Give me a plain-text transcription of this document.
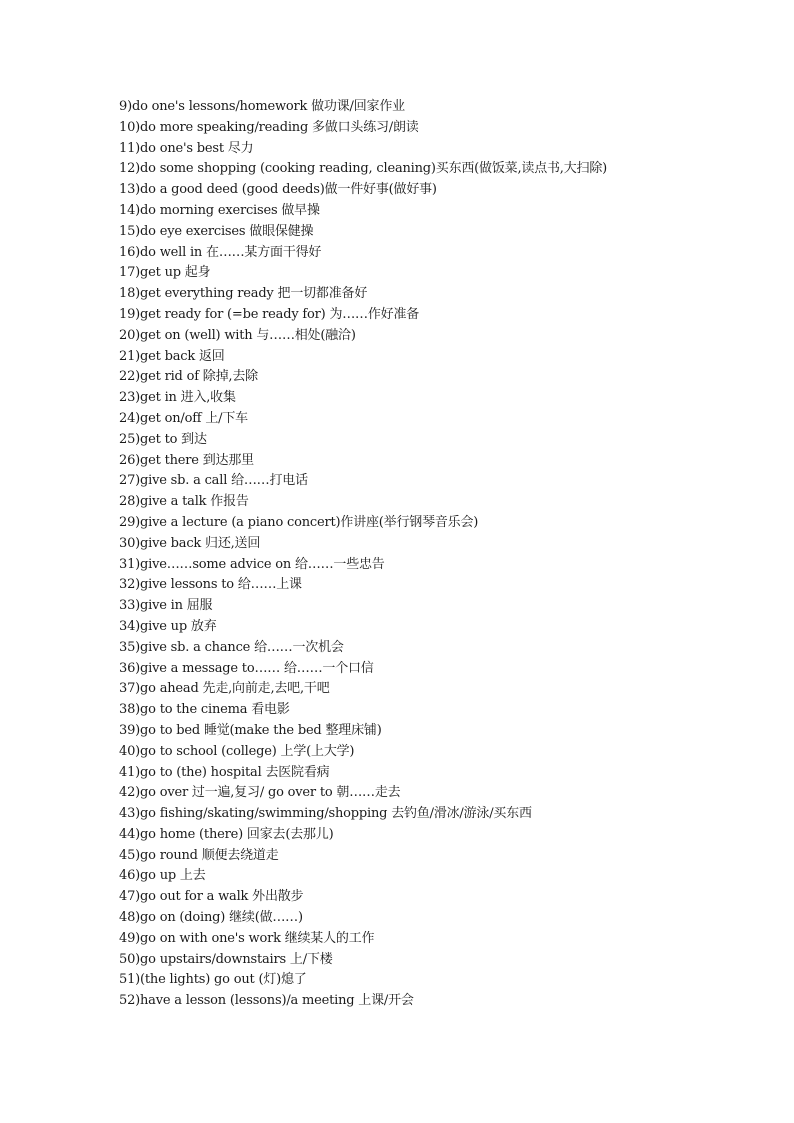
9)do one's lessons/homework 做功课/回家作业
10)do more speaking/reading 多做口头练习/朗读
11)do one's best 尽力
12)do some shopping (cooking reading, cleaning)买东西(做饭菜,读点书,大扫除)
13)do a good deed (good deeds)做一件好事(做好事)
14)do morning exercises 做早操
15)do eye exercises 做眼保健操
16)do well in 在……某方面干得好
17)get up 起身
18)get everything ready 把一切都准备好
19)get ready for (=be ready for) 为……作好准备
20)get on (well) with 与……相处(融洽)
21)get back 返回
22)get rid of 除掉,去除
23)get in 进入,收集
24)get on/off 上/下车
25)get to 到达
26)get there 到达那里
27)give sb. a call 给……打电话
28)give a talk 作报告
29)give a lecture (a piano concert)作讲座(举行钢琴音乐会)
30)give back 归还,送回
31)give……some advice on 给……一些忠告
32)give lessons to 给……上课
33)give in 屈服
34)give up 放弃
35)give sb. a chance 给……一次机会
36)give a message to…… 给……一个口信
37)go ahead 先走,向前走,去吧,干吧
38)go to the cinema 看电影
39)go to bed 睡觉(make the bed 整理床铺)
40)go to school (college) 上学(上大学)
41)go to (the) hospital 去医院看病
42)go over 过一遍,复习/ go over to 朝……走去
43)go fishing/skating/swimming/shopping 去钓鱼/滑冰/游泳/买东西
44)go home (there) 回家去(去那儿)
45)go round 顺便去绕道走
46)go up 上去
47)go out for a walk 外出散步
48)go on (doing) 继续(做……)
49)go on with one's work 继续某人的工作
50)go upstairs/downstairs 上/下楼
51)(the lights) go out (灯)熄了
52)have a lesson (lessons)/a meeting 上课/开会
